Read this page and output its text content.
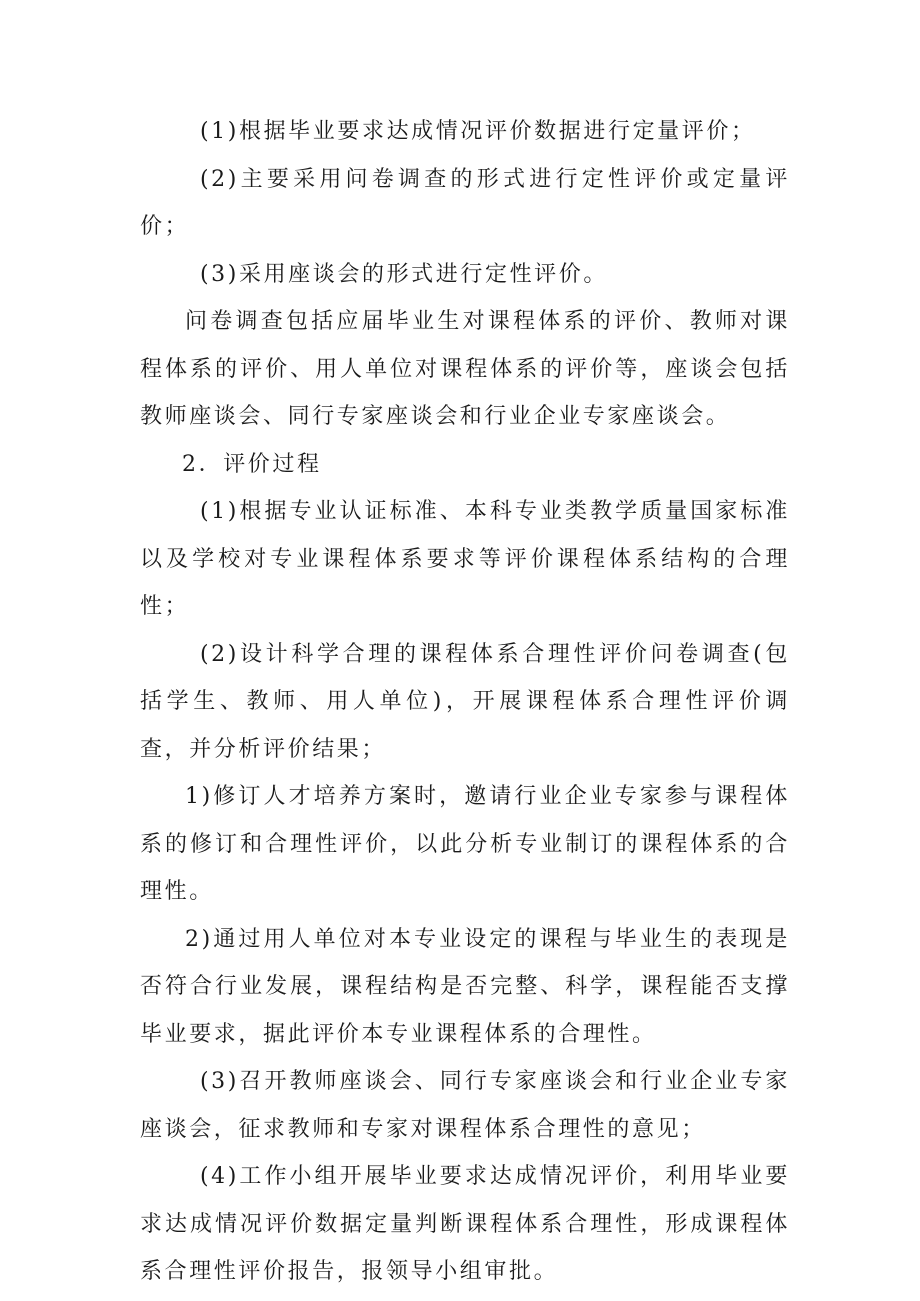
(1)根据毕业要求达成情况评价数据进行定量评价；

(2)主要采用问卷调查的形式进行定性评价或定量评价；

(3)采用座谈会的形式进行定性评价。

问卷调查包括应届毕业生对课程体系的评价、教师对课程体系的评价、用人单位对课程体系的评价等，座谈会包括教师座谈会、同行专家座谈会和行业企业专家座谈会。

2．评价过程

(1)根据专业认证标准、本科专业类教学质量国家标准以及学校对专业课程体系要求等评价课程体系结构的合理性；

(2)设计科学合理的课程体系合理性评价问卷调查(包括学生、教师、用人单位)，开展课程体系合理性评价调查，并分析评价结果；

1)修订人才培养方案时，邀请行业企业专家参与课程体系的修订和合理性评价，以此分析专业制订的课程体系的合理性。

2)通过用人单位对本专业设定的课程与毕业生的表现是否符合行业发展，课程结构是否完整、科学，课程能否支撑毕业要求，据此评价本专业课程体系的合理性。

(3)召开教师座谈会、同行专家座谈会和行业企业专家座谈会，征求教师和专家对课程体系合理性的意见；

(4)工作小组开展毕业要求达成情况评价，利用毕业要求达成情况评价数据定量判断课程体系合理性，形成课程体系合理性评价报告，报领导小组审批。
